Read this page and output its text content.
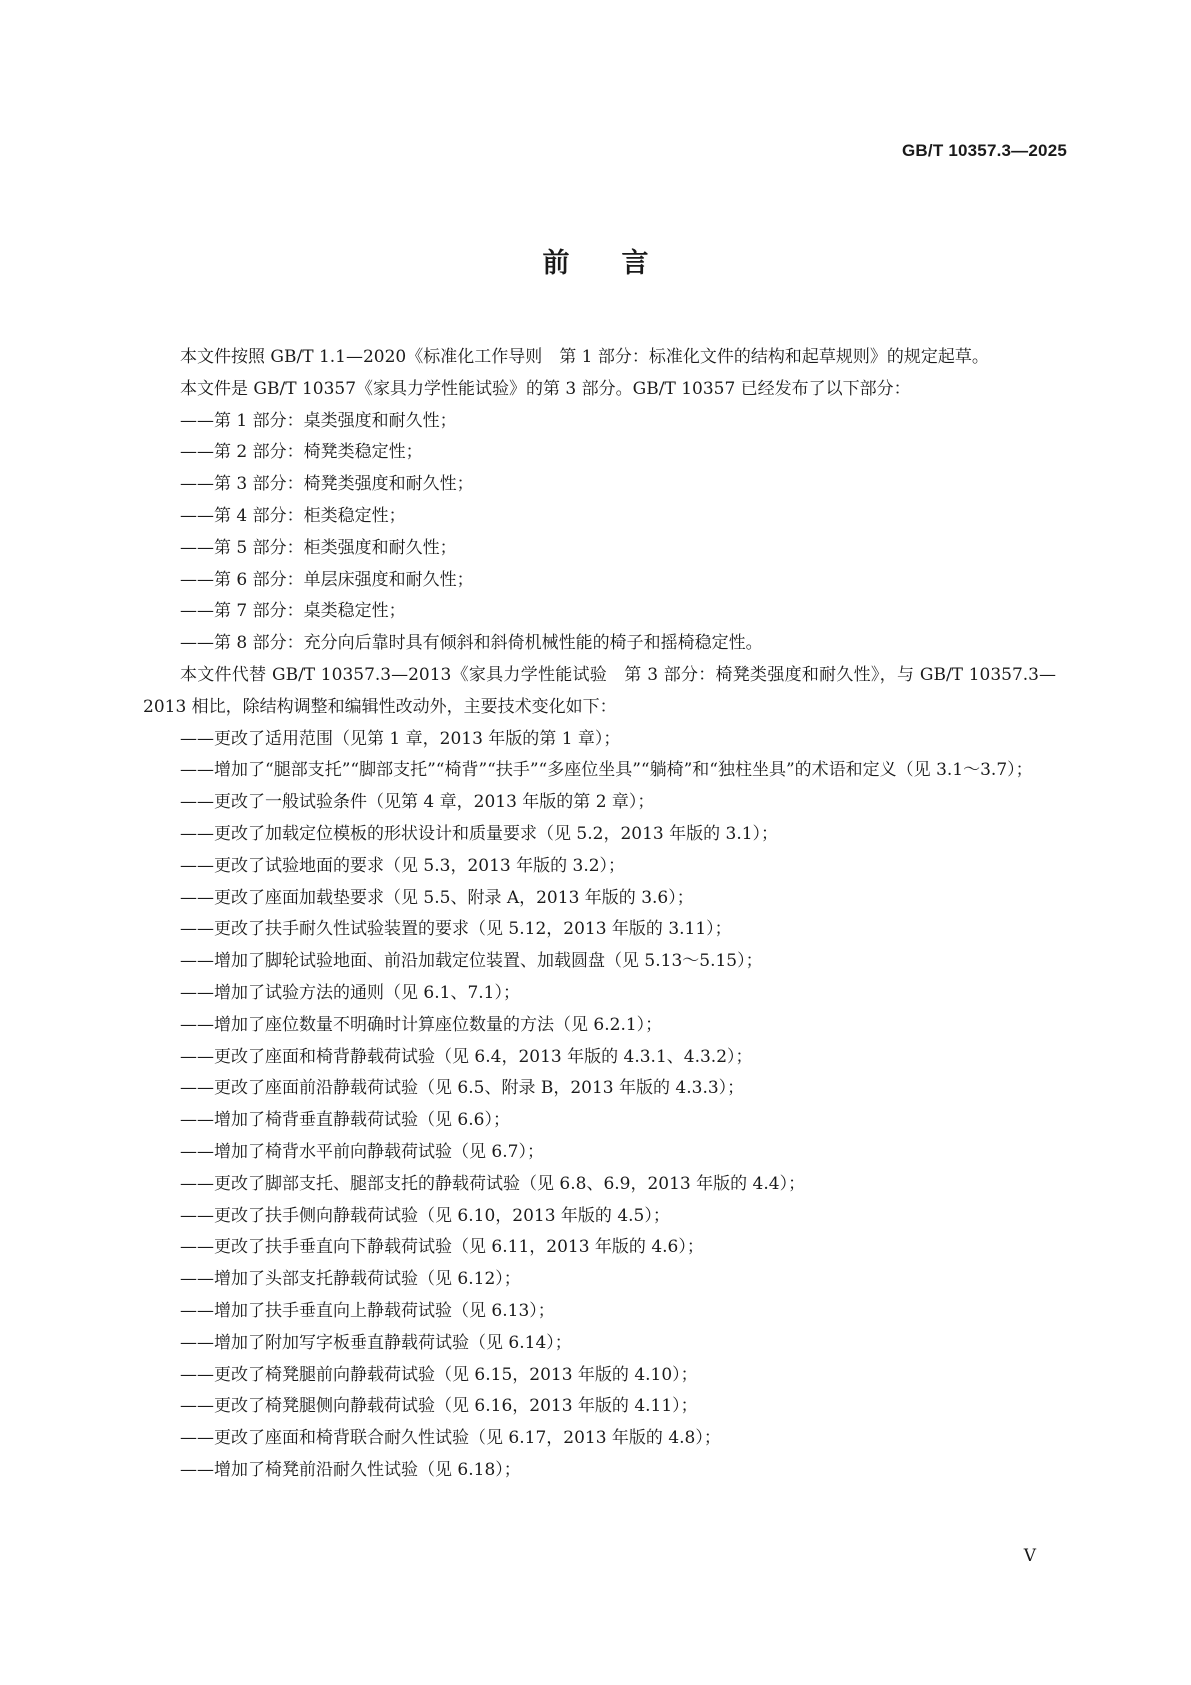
GB/T 10357.3—2025
前言

本文件按照 GB/T 1.1—2020《标准化工作导则　第 1 部分：标准化文件的结构和起草规则》的规定起草。

本文件是 GB/T 10357《家具力学性能试验》的第 3 部分。GB/T 10357 已经发布了以下部分：

——第 1 部分：桌类强度和耐久性；

——第 2 部分：椅凳类稳定性；

——第 3 部分：椅凳类强度和耐久性；

——第 4 部分：柜类稳定性；

——第 5 部分：柜类强度和耐久性；

——第 6 部分：单层床强度和耐久性；

——第 7 部分：桌类稳定性；

——第 8 部分：充分向后靠时具有倾斜和斜倚机械性能的椅子和摇椅稳定性。

本文件代替 GB/T 10357.3—2013《家具力学性能试验　第 3 部分：椅凳类强度和耐久性》，与 GB/T 10357.3—2013 相比，除结构调整和编辑性改动外，主要技术变化如下：

——更改了适用范围（见第 1 章，2013 年版的第 1 章）；

——增加了“腿部支托”“脚部支托”“椅背”“扶手”“多座位坐具”“躺椅”和“独柱坐具”的术语和定义（见 3.1～3.7）；

——更改了一般试验条件（见第 4 章，2013 年版的第 2 章）；

——更改了加载定位模板的形状设计和质量要求（见 5.2，2013 年版的 3.1）；

——更改了试验地面的要求（见 5.3，2013 年版的 3.2）；

——更改了座面加载垫要求（见 5.5、附录 A，2013 年版的 3.6）；

——更改了扶手耐久性试验装置的要求（见 5.12，2013 年版的 3.11）；

——增加了脚轮试验地面、前沿加载定位装置、加载圆盘（见 5.13～5.15）；

——增加了试验方法的通则（见 6.1、7.1）；

——增加了座位数量不明确时计算座位数量的方法（见 6.2.1）；

——更改了座面和椅背静载荷试验（见 6.4，2013 年版的 4.3.1、4.3.2）；

——更改了座面前沿静载荷试验（见 6.5、附录 B，2013 年版的 4.3.3）；

——增加了椅背垂直静载荷试验（见 6.6）；

——增加了椅背水平前向静载荷试验（见 6.7）；

——更改了脚部支托、腿部支托的静载荷试验（见 6.8、6.9，2013 年版的 4.4）；

——更改了扶手侧向静载荷试验（见 6.10，2013 年版的 4.5）；

——更改了扶手垂直向下静载荷试验（见 6.11，2013 年版的 4.6）；

——增加了头部支托静载荷试验（见 6.12）；

——增加了扶手垂直向上静载荷试验（见 6.13）；

——增加了附加写字板垂直静载荷试验（见 6.14）；

——更改了椅凳腿前向静载荷试验（见 6.15，2013 年版的 4.10）；

——更改了椅凳腿侧向静载荷试验（见 6.16，2013 年版的 4.11）；

——更改了座面和椅背联合耐久性试验（见 6.17，2013 年版的 4.8）；

——增加了椅凳前沿耐久性试验（见 6.18）；

V
